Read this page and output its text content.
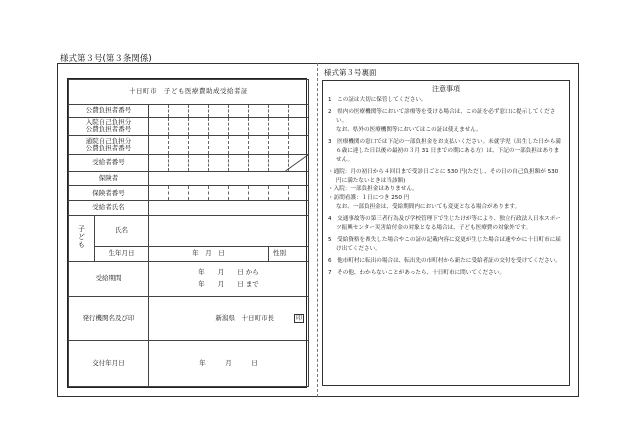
様式第３号(第３条関係)
十日町市　子ども医療費助成受給者証			
公費負担者番号			

入院自己負担分
公費負担者番号			

通院自己負担分
公費負担者番号			

受給者番号	

保険者			
保険者番号			

受給者氏名			
子ども	氏名		
	生年月日	年　月　日	性別
受給期間		年　　月　　日 から
年　　月　　日 まで	

発行機関名及び印		新潟県　十日町市長 印	
交付年月日		年　　　月　　　日	
様式第３号裏面
注意事項

1　この証は大切に保管してください。

2　県内の医療機関等において診療等を受ける場合は、この証を必ず窓口に提示してください。

なお、県外の医療機関等においてはこの証は使えません。

3　医療機関の窓口では下記の一部負担金をお支払いください。未就学児（出生した日から満６歳に達した日以後の最初の３月 31 日までの期にある方）は、下記の一部負担はありません。

・通院：月の初日から４回目まで受診日ごとに 530 円(ただし、その日の自己負担額が 530 円に満たないときは当該額)

・入院：一部負担金はありません。

・訪問看護：１日につき 250 円

なお、一部負担金は、受給期間内においても変更となる場合があります。

4　交通事故等の第三者行為及び学校管理下で生じたけが等により、独立行政法人日本スポーツ振興センター災害給付金の対象となる場合は、子ども医療費の対象外です。

5　受給資格を喪失した場合やこの証の記載内容に変更が生じた場合は速やかに十日町市に届け出てください。

6　他市町村に転出の場合は、転出先の市町村から新たに受給者証の交付を受けてください。

7　その他、わからないことがあったら、十日町市に問いてください。
